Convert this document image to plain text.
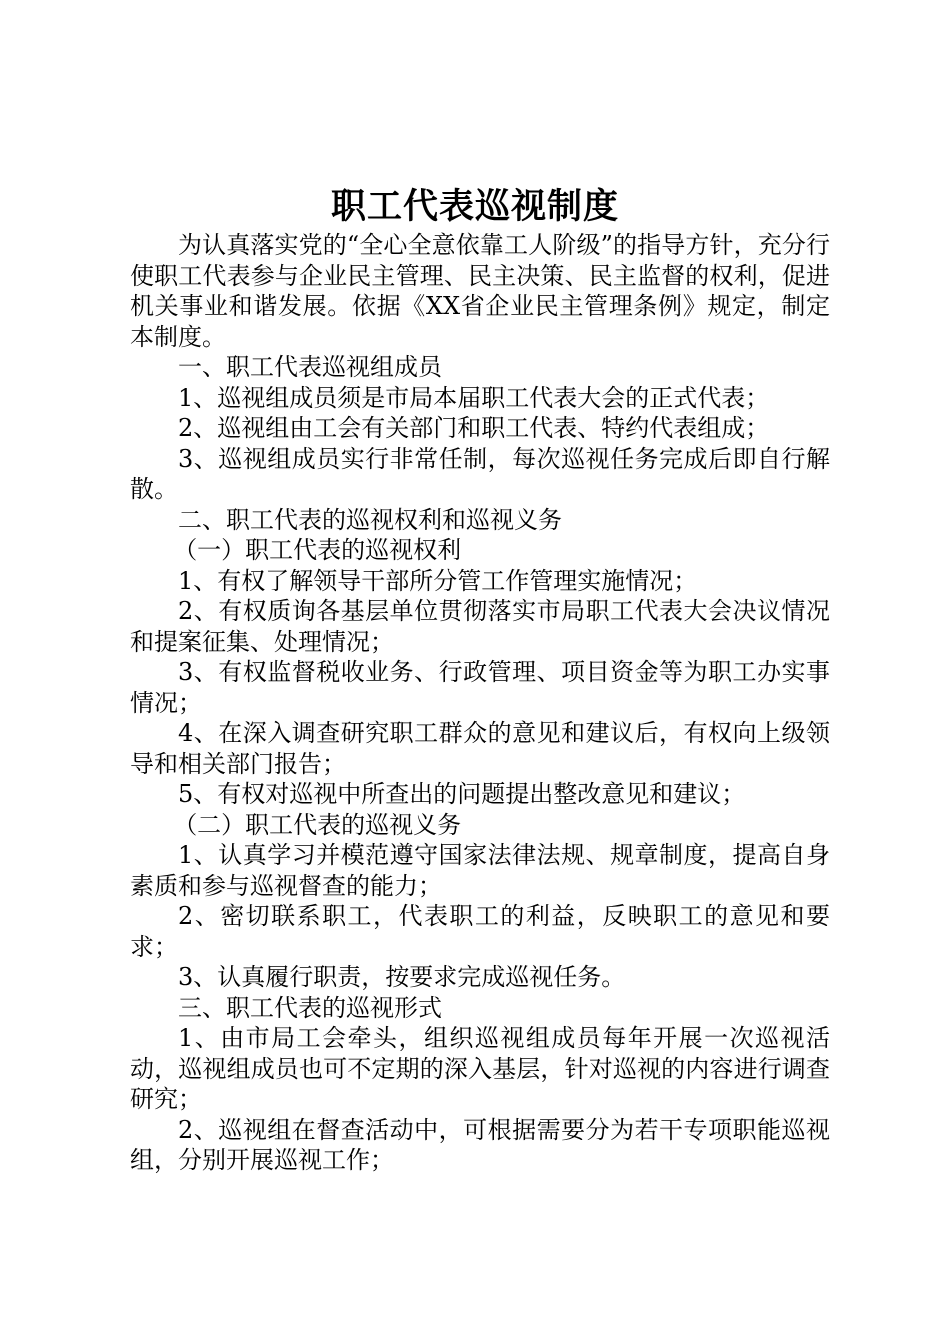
职工代表巡视制度

为认真落实党的“全心全意依靠工人阶级”的指导方针，充分行使职工代表参与企业民主管理、民主决策、民主监督的权利，促进机关事业和谐发展。依据《XX省企业民主管理条例》规定，制定本制度。

一、职工代表巡视组成员

1、巡视组成员须是市局本届职工代表大会的正式代表；

2、巡视组由工会有关部门和职工代表、特约代表组成；

3、巡视组成员实行非常任制，每次巡视任务完成后即自行解散。

二、职工代表的巡视权利和巡视义务

（一）职工代表的巡视权利

1、有权了解领导干部所分管工作管理实施情况；

2、有权质询各基层单位贯彻落实市局职工代表大会决议情况和提案征集、处理情况；

3、有权监督税收业务、行政管理、项目资金等为职工办实事情况；

4、在深入调查研究职工群众的意见和建议后，有权向上级领导和相关部门报告；

5、有权对巡视中所查出的问题提出整改意见和建议；

（二）职工代表的巡视义务

1、认真学习并模范遵守国家法律法规、规章制度，提高自身素质和参与巡视督查的能力；

2、密切联系职工，代表职工的利益，反映职工的意见和要求；

3、认真履行职责，按要求完成巡视任务。

三、职工代表的巡视形式

1、由市局工会牵头，组织巡视组成员每年开展一次巡视活动，巡视组成员也可不定期的深入基层，针对巡视的内容进行调查研究；

2、巡视组在督查活动中，可根据需要分为若干专项职能巡视组，分别开展巡视工作；
